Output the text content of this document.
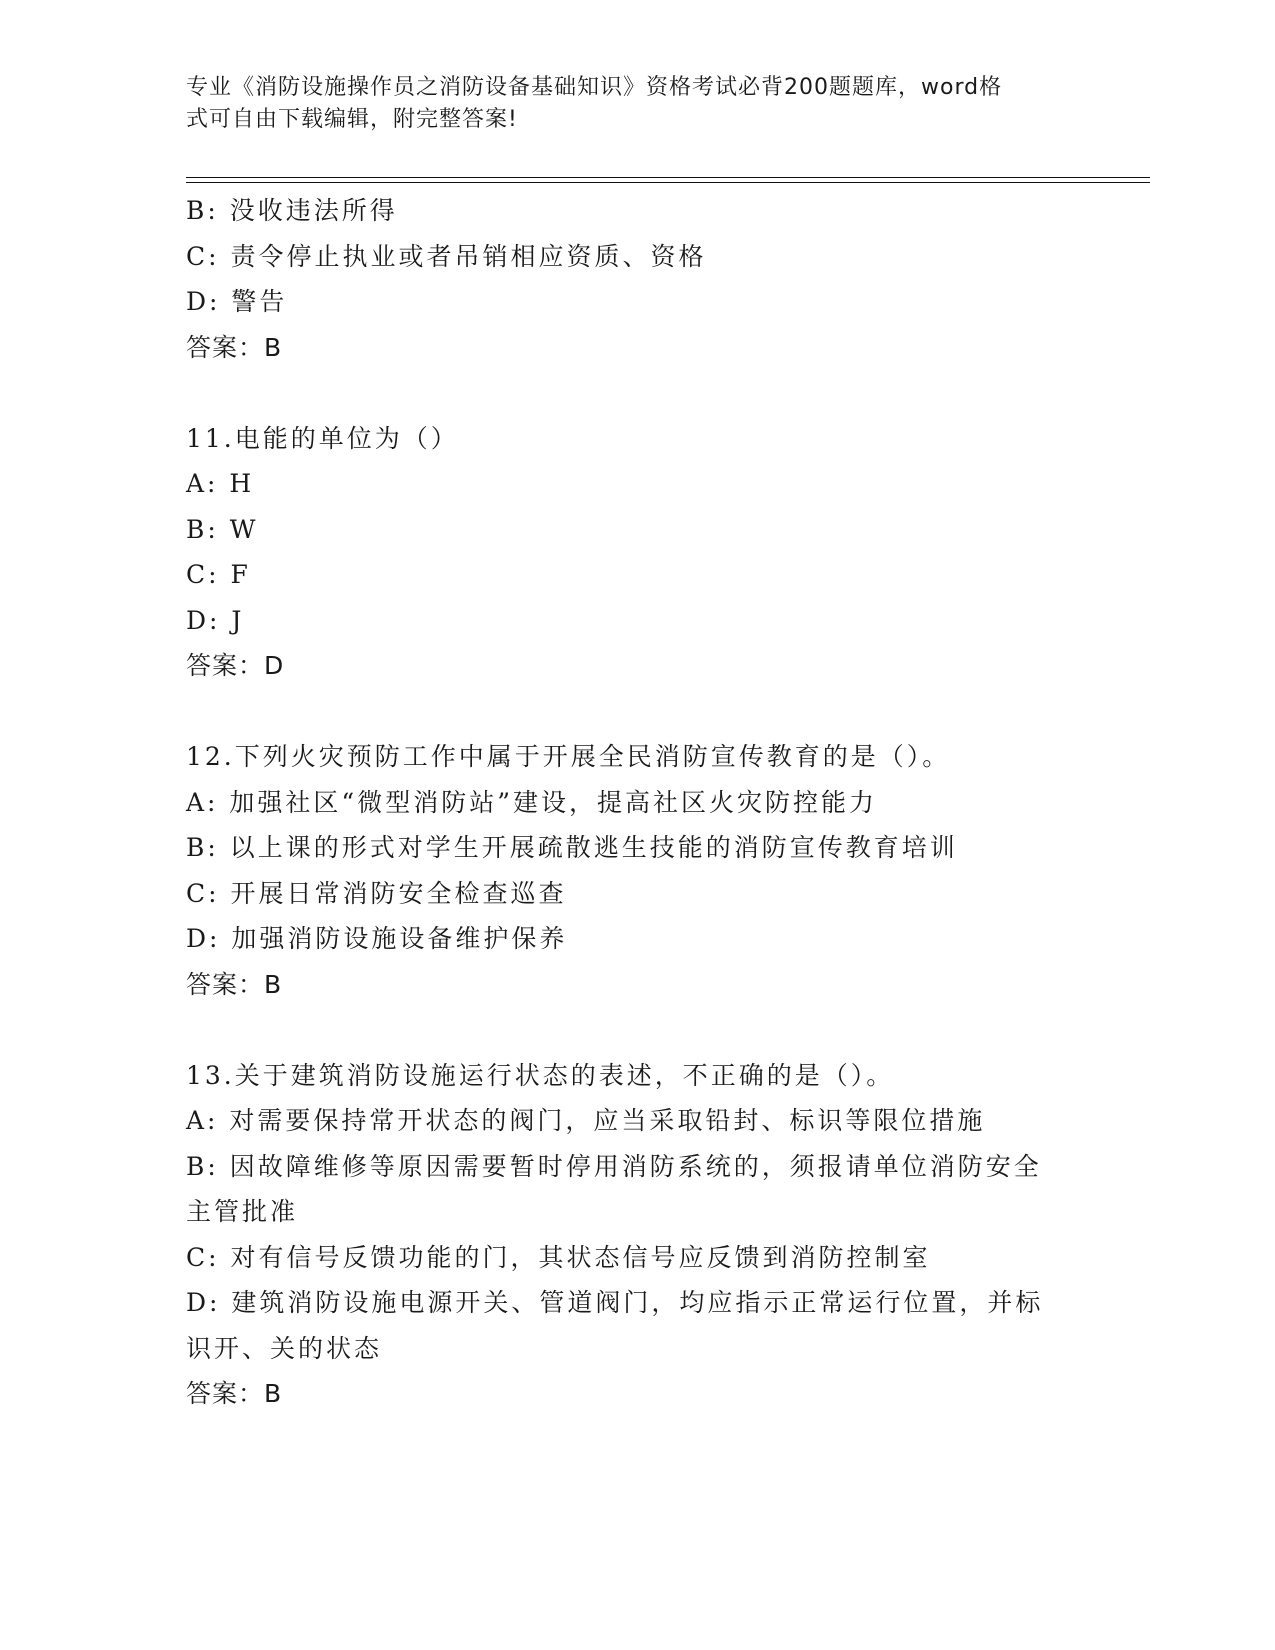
专业《消防设施操作员之消防设备基础知识》资格考试必背200题题库，word格
式可自由下载编辑，附完整答案!
B: 没收违法所得
C: 责令停止执业或者吊销相应资质、资格
D: 警告
答案：B
11.电能的单位为（）
A: H
B: W
C: F
D: J
答案：D
12.下列火灾预防工作中属于开展全民消防宣传教育的是（）。
A: 加强社区“微型消防站”建设，提高社区火灾防控能力
B: 以上课的形式对学生开展疏散逃生技能的消防宣传教育培训
C: 开展日常消防安全检查巡查
D: 加强消防设施设备维护保养
答案：B
13.关于建筑消防设施运行状态的表述，不正确的是（）。
A: 对需要保持常开状态的阀门，应当采取铅封、标识等限位措施
B: 因故障维修等原因需要暂时停用消防系统的，须报请单位消防安全
主管批准
C: 对有信号反馈功能的门，其状态信号应反馈到消防控制室
D: 建筑消防设施电源开关、管道阀门，均应指示正常运行位置，并标
识开、关的状态
答案：B
